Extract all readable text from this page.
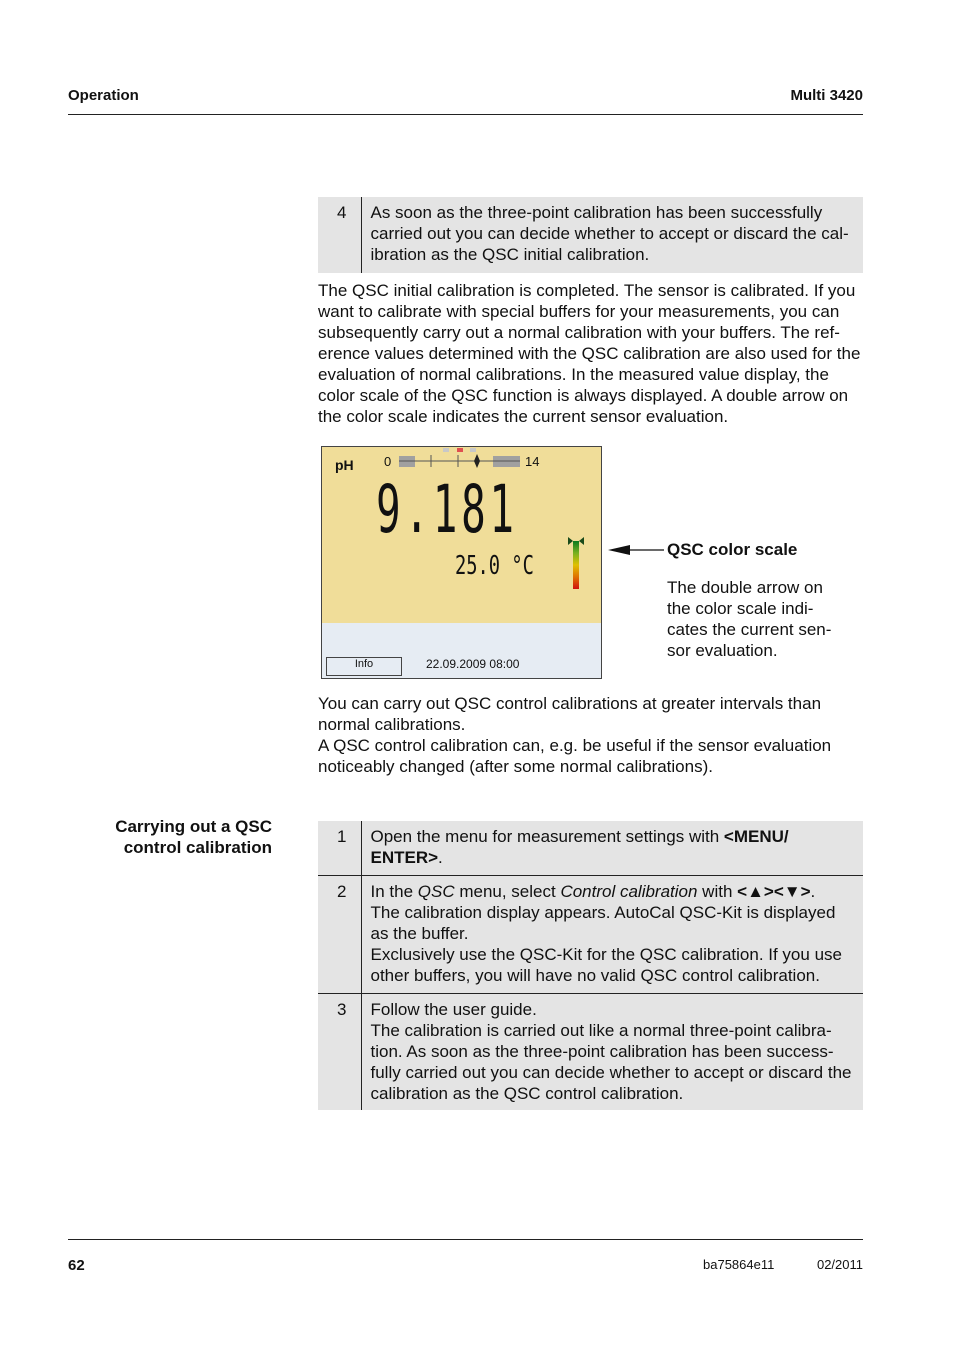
Operation	Multi 3420
4	As soon as the three-point calibration has been successfully carried out you can decide whether to accept or discard the cal-ibration as the QSC initial calibration.
The QSC initial calibration is completed. The sensor is calibrated. If you want to calibrate with special buffers for your measurements, you can subsequently carry out a normal calibration with your buffers. The ref-erence values determined with the QSC calibration are also used for the evaluation of normal calibrations. In the measured value display, the color scale of the QSC function is always displayed. A double arrow on the color scale indicates the current sensor evaluation.
pH 0	14
9.181
25.0 °C
Info	22.09.2009 08:00
QSC color scale
The double arrow on the color scale indi-cates the current sen-sor evaluation.
You can carry out QSC control calibrations at greater intervals than normal calibrations.
A QSC control calibration can, e.g. be useful if the sensor evaluation noticeably changed (after some normal calibrations).
Carrying out a QSC
control calibration
1	Open the menu for measurement settings with <MENU/ ENTER>.
2	In the QSC menu, select Control calibration with <▲><▼>.
The calibration display appears. AutoCal QSC-Kit is displayed as the buffer.
Exclusively use the QSC-Kit for the QSC calibration. If you use other buffers, you will have no valid QSC control calibration.

3	Follow the user guide.
The calibration is carried out like a normal three-point calibra-tion. As soon as the three-point calibration has been success-fully carried out you can decide whether to accept or discard the calibration as the QSC control calibration.
62	ba75864e11	02/2011
